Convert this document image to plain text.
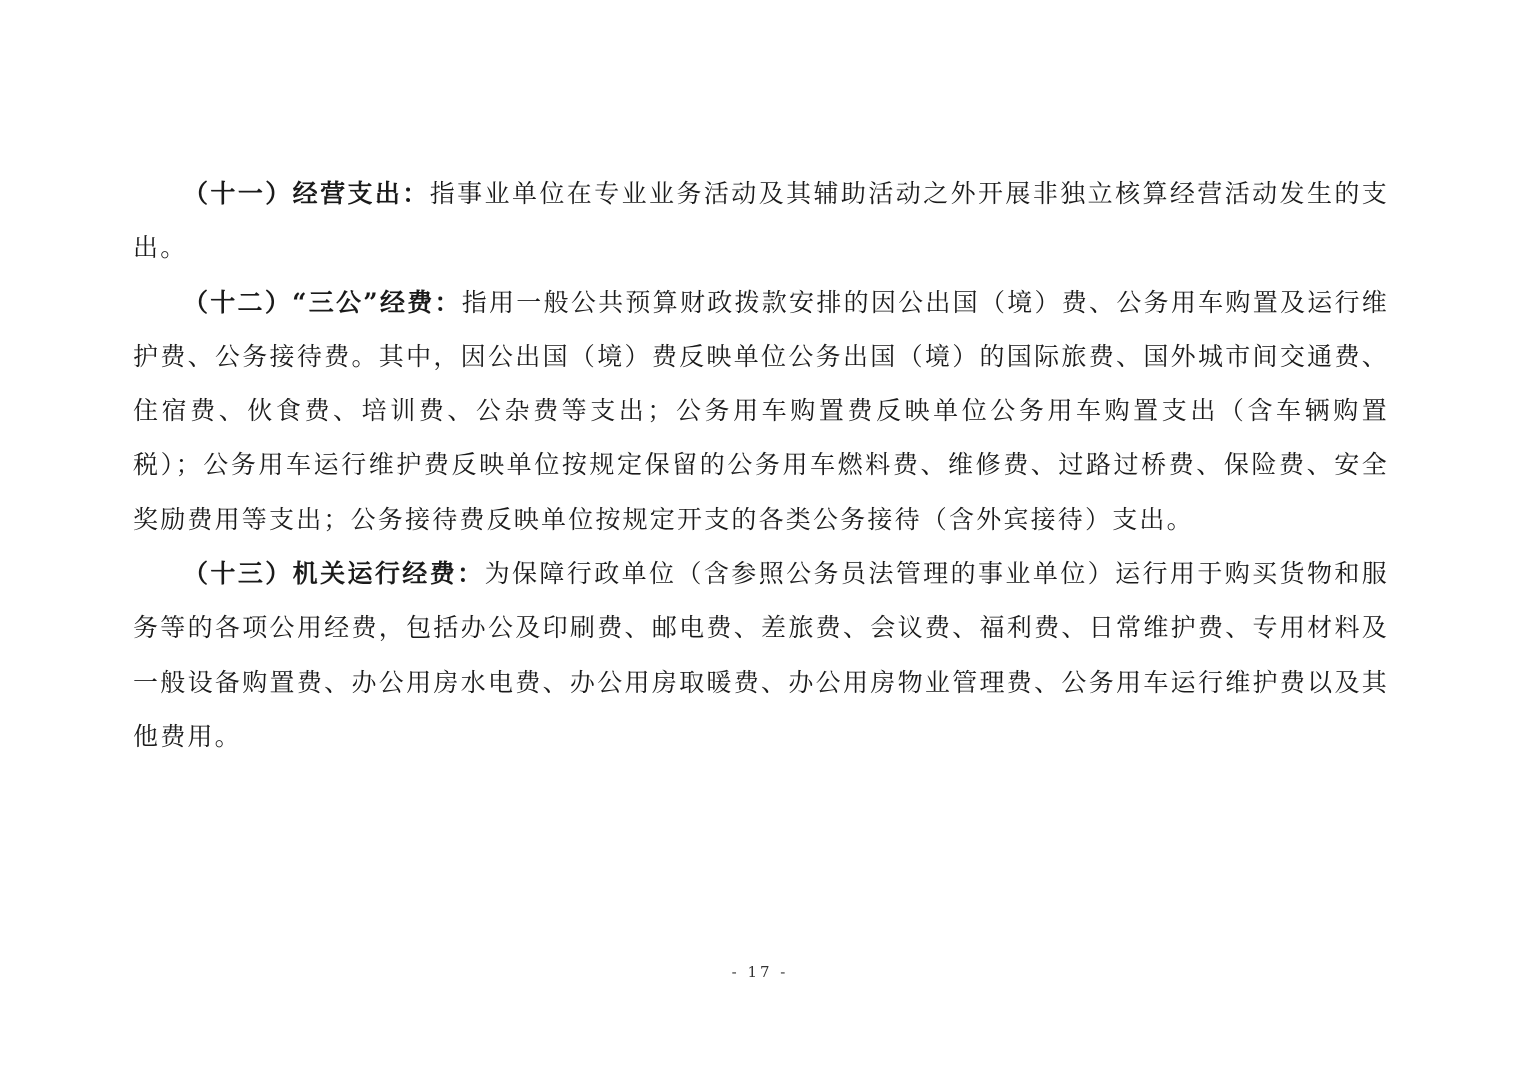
（十一）经营支出：指事业单位在专业业务活动及其辅助活动之外开展非独立核算经营活动发生的支出。

（十二）“三公”经费：指用一般公共预算财政拨款安排的因公出国（境）费、公务用车购置及运行维护费、公务接待费。其中，因公出国（境）费反映单位公务出国（境）的国际旅费、国外城市间交通费、住宿费、伙食费、培训费、公杂费等支出；公务用车购置费反映单位公务用车购置支出（含车辆购置税）；公务用车运行维护费反映单位按规定保留的公务用车燃料费、维修费、过路过桥费、保险费、安全奖励费用等支出；公务接待费反映单位按规定开支的各类公务接待（含外宾接待）支出。

（十三）机关运行经费：为保障行政单位（含参照公务员法管理的事业单位）运行用于购买货物和服务等的各项公用经费，包括办公及印刷费、邮电费、差旅费、会议费、福利费、日常维护费、专用材料及一般设备购置费、办公用房水电费、办公用房取暖费、办公用房物业管理费、公务用车运行维护费以及其他费用。

- 17 -
